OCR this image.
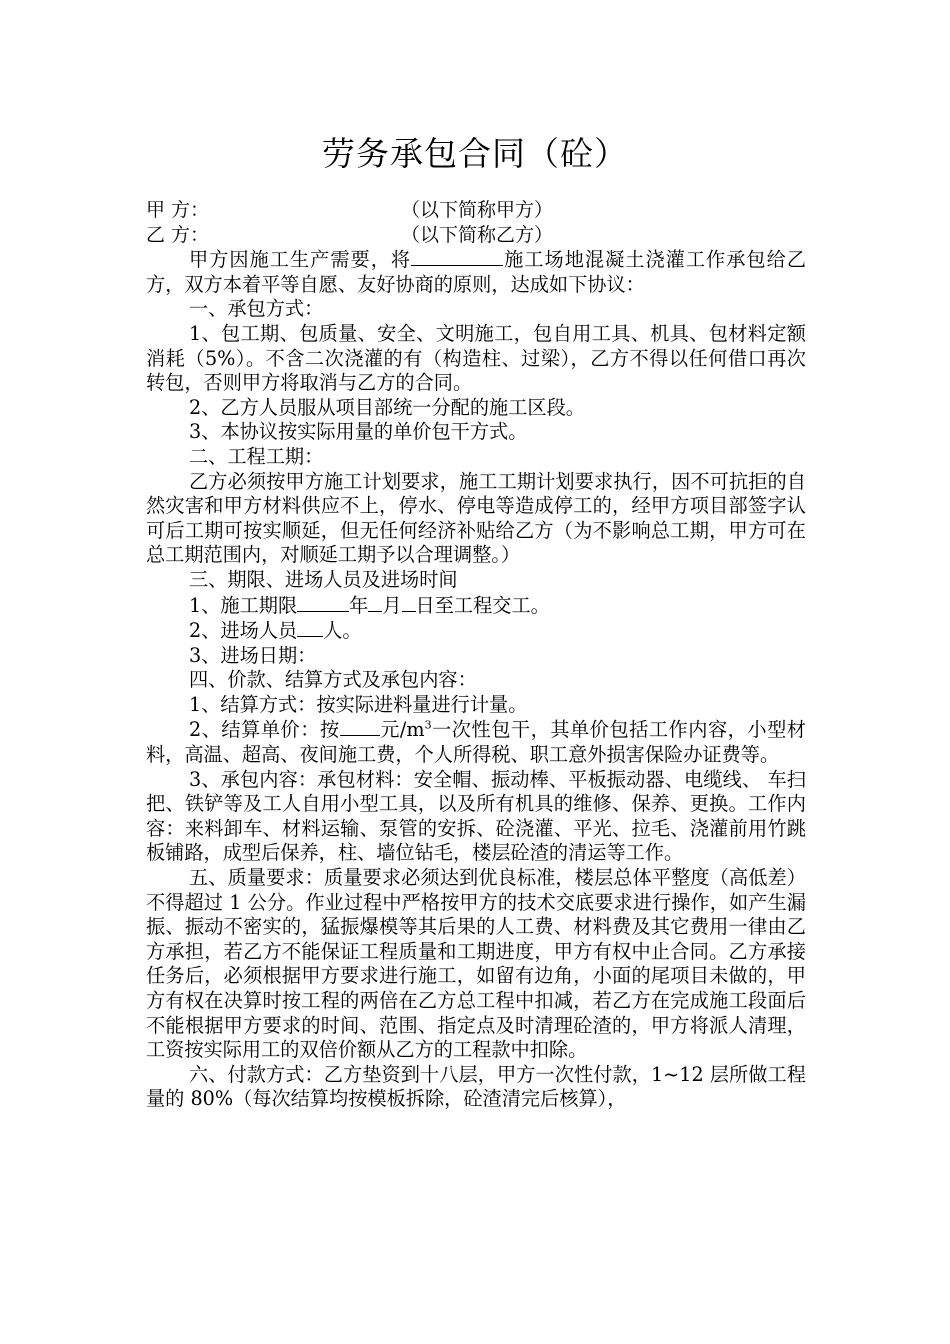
劳务承包合同（砼）
甲 方：	（以下简称甲方）
乙 方：	（以下简称乙方）

甲方因施工生产需要，将	施工场地混凝土浇灌工作承包给乙方，双方本着平等自愿、友好协商的原则，达成如下协议：

一、承包方式：

1、包工期、包质量、安全、文明施工，包自用工具、机具、包材料定额消耗（5%）。不含二次浇灌的有（构造柱、过梁），乙方不得以任何借口再次转包，否则甲方将取消与乙方的合同。

2、乙方人员服从项目部统一分配的施工区段。

3、本协议按实际用量的单价包干方式。

二、工程工期：

乙方必须按甲方施工计划要求，施工工期计划要求执行，因不可抗拒的自然灾害和甲方材料供应不上，停水、停电等造成停工的，经甲方项目部签字认可后工期可按实顺延，但无任何经济补贴给乙方（为不影响总工期，甲方可在总工期范围内，对顺延工期予以合理调整。）

三、期限、进场人员及进场时间

1、施工期限	年 月 日至工程交工。

2、进场人员 人。

3、进场日期：

四、价款、结算方式及承包内容：

1、结算方式：按实际进料量进行计量。

2、结算单价：按 元$/m^3$一次性包干，其单价包括工作内容，小型材料，高温、超高、夜间施工费，个人所得税、职工意外损害保险办证费等。

3、承包内容：承包材料：安全帽、振动棒、平板振动器、电缆线、 车扫把、铁铲等及工人自用小型工具，以及所有机具的维修、保养、更换。工作内容：来料卸车、材料运输、泵管的安拆、砼浇灌、平光、拉毛、浇灌前用竹跳板铺路，成型后保养，柱、墙位钻毛，楼层砼渣的清运等工作。

五、质量要求：质量要求必须达到优良标准，楼层总体平整度（高低差）不得超过 1 公分。作业过程中严格按甲方的技术交底要求进行操作，如产生漏振、振动不密实的，猛振爆模等其后果的人工费、材料费及其它费用一律由乙方承担，若乙方不能保证工程质量和工期进度，甲方有权中止合同。乙方承接任务后，必须根据甲方要求进行施工，如留有边角，小面的尾项目未做的，甲方有权在决算时按工程的两倍在乙方总工程中扣减，若乙方在完成施工段面后不能根据甲方要求的时间、范围、指定点及时清理砼渣的，甲方将派人清理，工资按实际用工的双倍价额从乙方的工程款中扣除。

六、付款方式：乙方垫资到十八层，甲方一次性付款，1~12 层所做工程量的 80%（每次结算均按模板拆除，砼渣清完后核算），
